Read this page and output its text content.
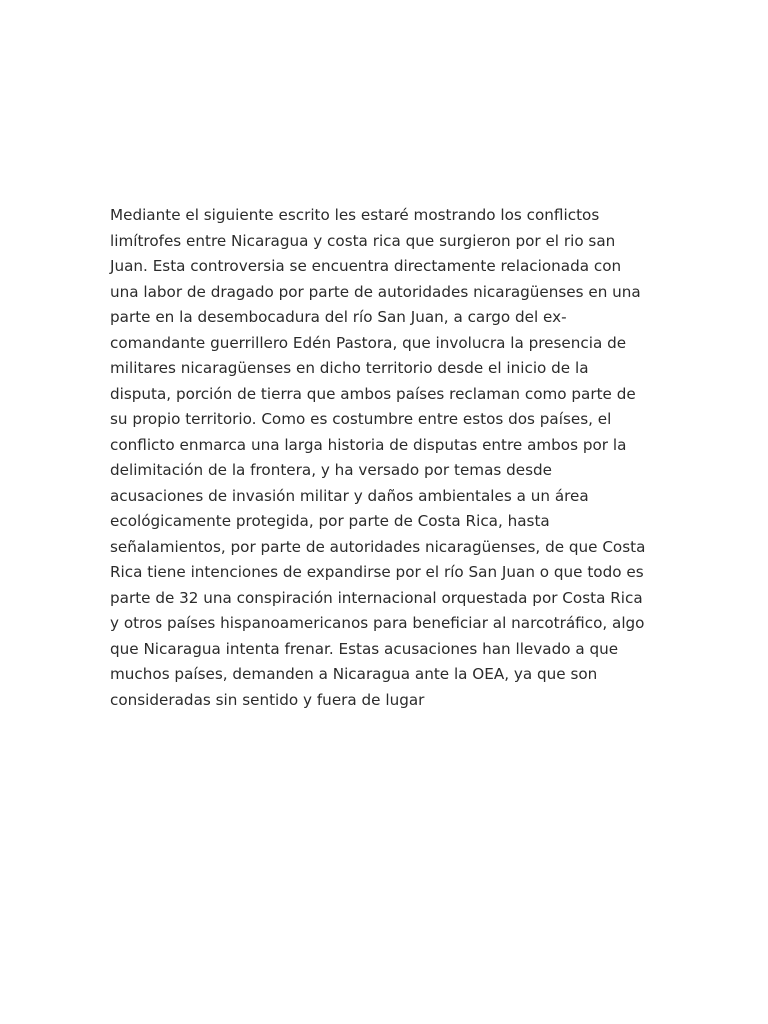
Mediante el siguiente escrito les estaré mostrando los conflictos
limítrofes entre Nicaragua y costa rica que surgieron por el rio san
Juan. Esta controversia se encuentra directamente relacionada con
una labor de dragado por parte de autoridades nicaragüenses en una
parte en la desembocadura del río San Juan, a cargo del ex-
comandante guerrillero Edén Pastora, que involucra la presencia de
militares nicaragüenses en dicho territorio desde el inicio de la
disputa, porción de tierra que ambos países reclaman como parte de
su propio territorio. Como es costumbre entre estos dos países, el
conflicto enmarca una larga historia de disputas entre ambos por la
delimitación de la frontera, y ha versado por temas desde
acusaciones de invasión militar y daños ambientales a un área
ecológicamente protegida, por parte de Costa Rica, hasta
señalamientos, por parte de autoridades nicaragüenses, de que Costa
Rica tiene intenciones de expandirse por el río San Juan o que todo es
parte de 32 una conspiración internacional orquestada por Costa Rica
y otros países hispanoamericanos para beneficiar al narcotráfico, algo
que Nicaragua intenta frenar. Estas acusaciones han llevado a que
muchos países, demanden a Nicaragua ante la OEA, ya que son
consideradas sin sentido y fuera de lugar
